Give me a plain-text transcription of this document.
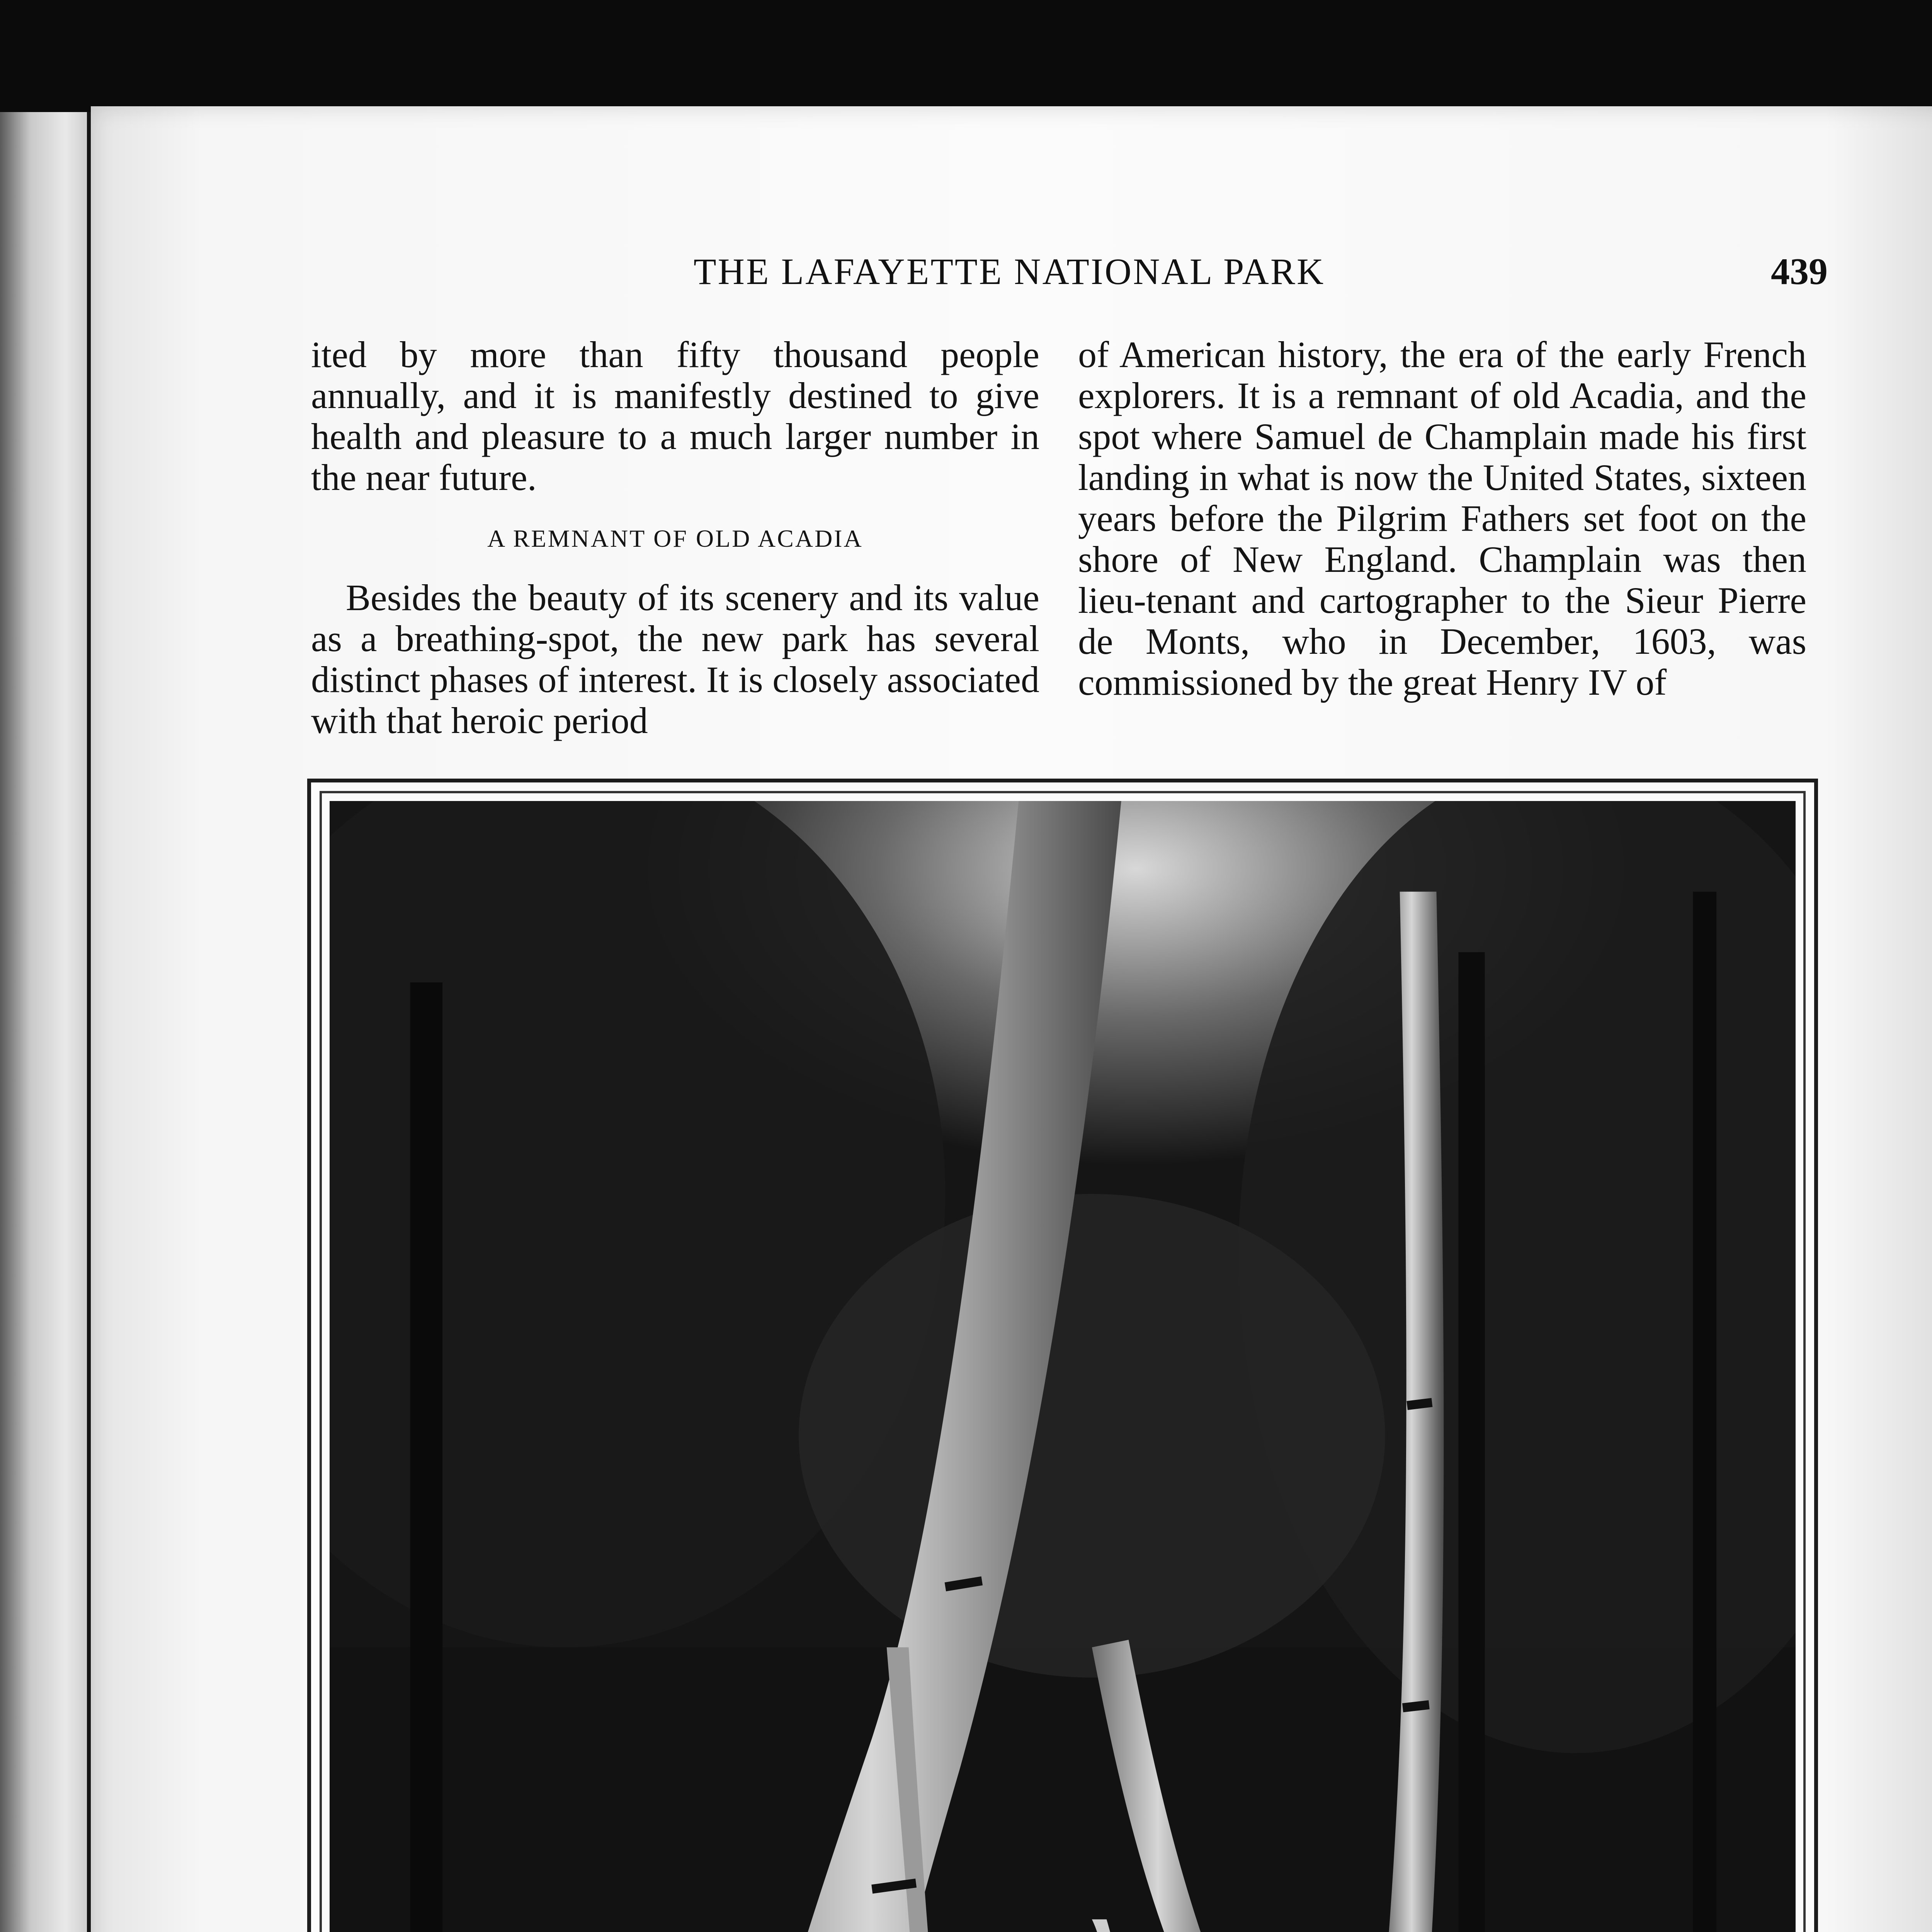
THE LAFAYETTE NATIONAL PARK	439

ited by more than fifty thousand people annually, and it is manifestly destined to give health and pleasure to a much larger number in the near future.

A REMNANT OF OLD ACADIA

Besides the beauty of its scenery and its value as a breathing-spot, the new park has several distinct phases of interest. It is closely associated with that heroic period

of American history, the era of the early French explorers. It is a remnant of old Acadia, and the spot where Samuel de Champlain made his first landing in what is now the United States, sixteen years before the Pilgrim Fathers set foot on the shore of New England. Champlain was then lieu-tenant and cartographer to the Sieur Pierre de Monts, who in December, 1603, was commissioned by the great Henry IV of
